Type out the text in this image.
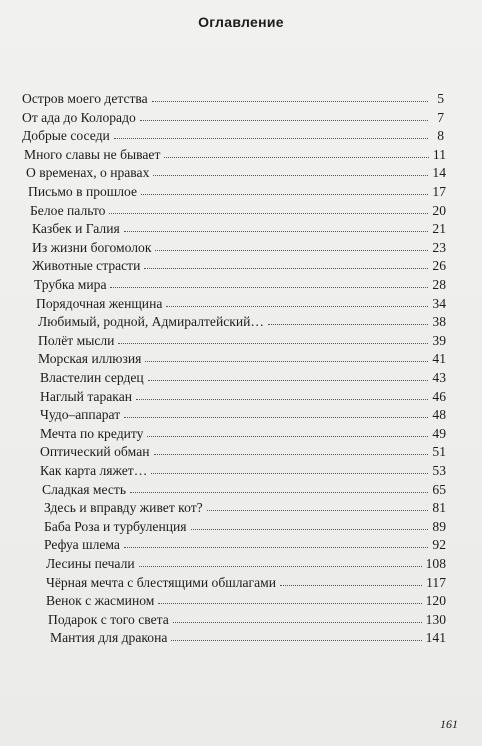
Оглавление
Остров моего детства	5
От ада до Колорадо	7
Добрые соседи	8
Много славы не бывает	11
О временах, о нравах	14
Письмо в прошлое	17
Белое пальто	20
Казбек и Галия	21
Из жизни богомолок	23
Животные страсти	26
Трубка мира	28
Порядочная женщина	34
Любимый, родной, Адмиралтейский…	38
Полёт мысли	39
Морская иллюзия	41
Властелин сердец	43
Наглый таракан	46
Чудо–аппарат	48
Мечта по кредиту	49
Оптический обман	51
Как карта ляжет…	53
Сладкая месть	65
Здесь и вправду живет кот?	81
Баба Роза и турбуленция	89
Рефуа шлема	92
Лесины печали	108
Чёрная мечта с блестящими обшлагами	117
Венок с жасмином	120
Подарок с того света	130
Мантия для дракона	141
161
